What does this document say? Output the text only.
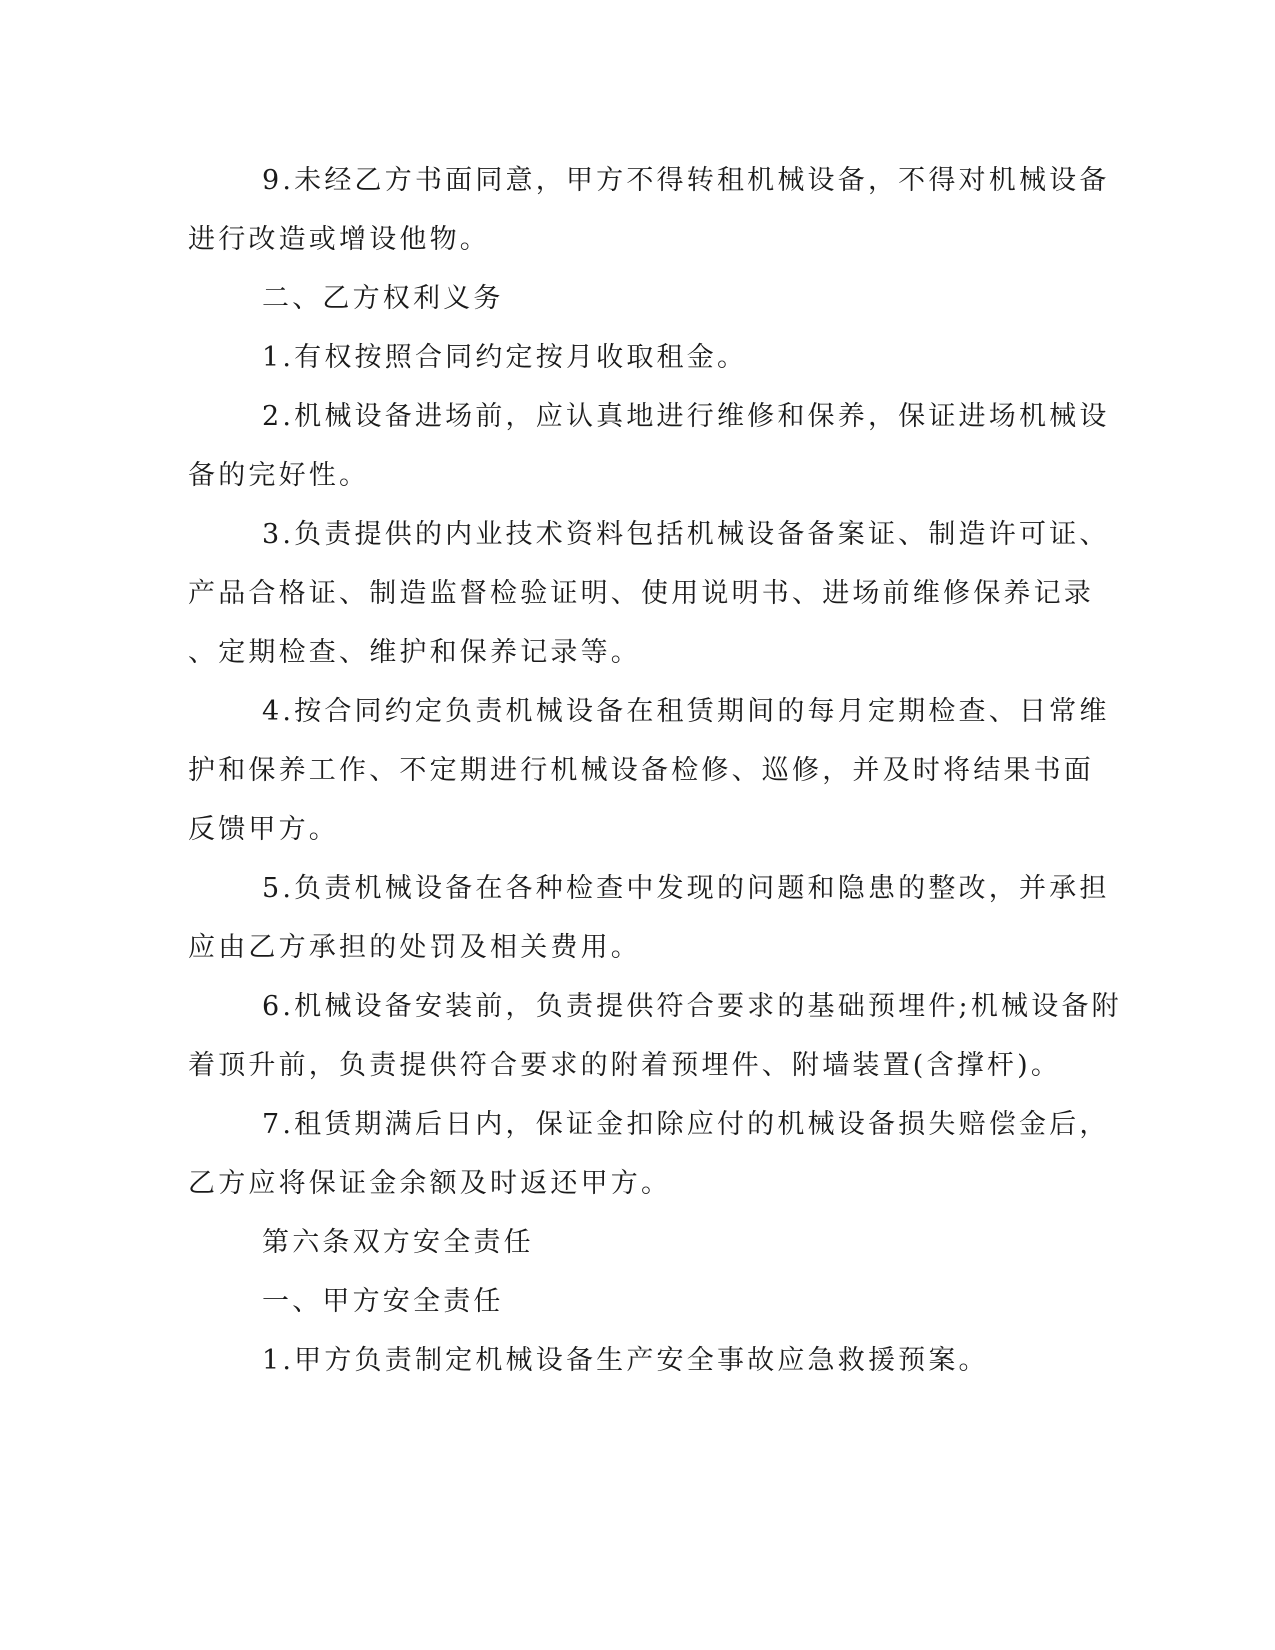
9.未经乙方书面同意，甲方不得转租机械设备，不得对机械设备
进行改造或增设他物。
二、乙方权利义务
1.有权按照合同约定按月收取租金。
2.机械设备进场前，应认真地进行维修和保养，保证进场机械设
备的完好性。
3.负责提供的内业技术资料包括机械设备备案证、制造许可证、
产品合格证、制造监督检验证明、使用说明书、进场前维修保养记录
、定期检查、维护和保养记录等。
4.按合同约定负责机械设备在租赁期间的每月定期检查、日常维
护和保养工作、不定期进行机械设备检修、巡修，并及时将结果书面
反馈甲方。
5.负责机械设备在各种检查中发现的问题和隐患的整改，并承担
应由乙方承担的处罚及相关费用。
6.机械设备安装前，负责提供符合要求的基础预埋件;机械设备附
着顶升前，负责提供符合要求的附着预埋件、附墙装置(含撑杆)。
7.租赁期满后日内，保证金扣除应付的机械设备损失赔偿金后，
乙方应将保证金余额及时返还甲方。
第六条双方安全责任
一、甲方安全责任
1.甲方负责制定机械设备生产安全事故应急救援预案。
